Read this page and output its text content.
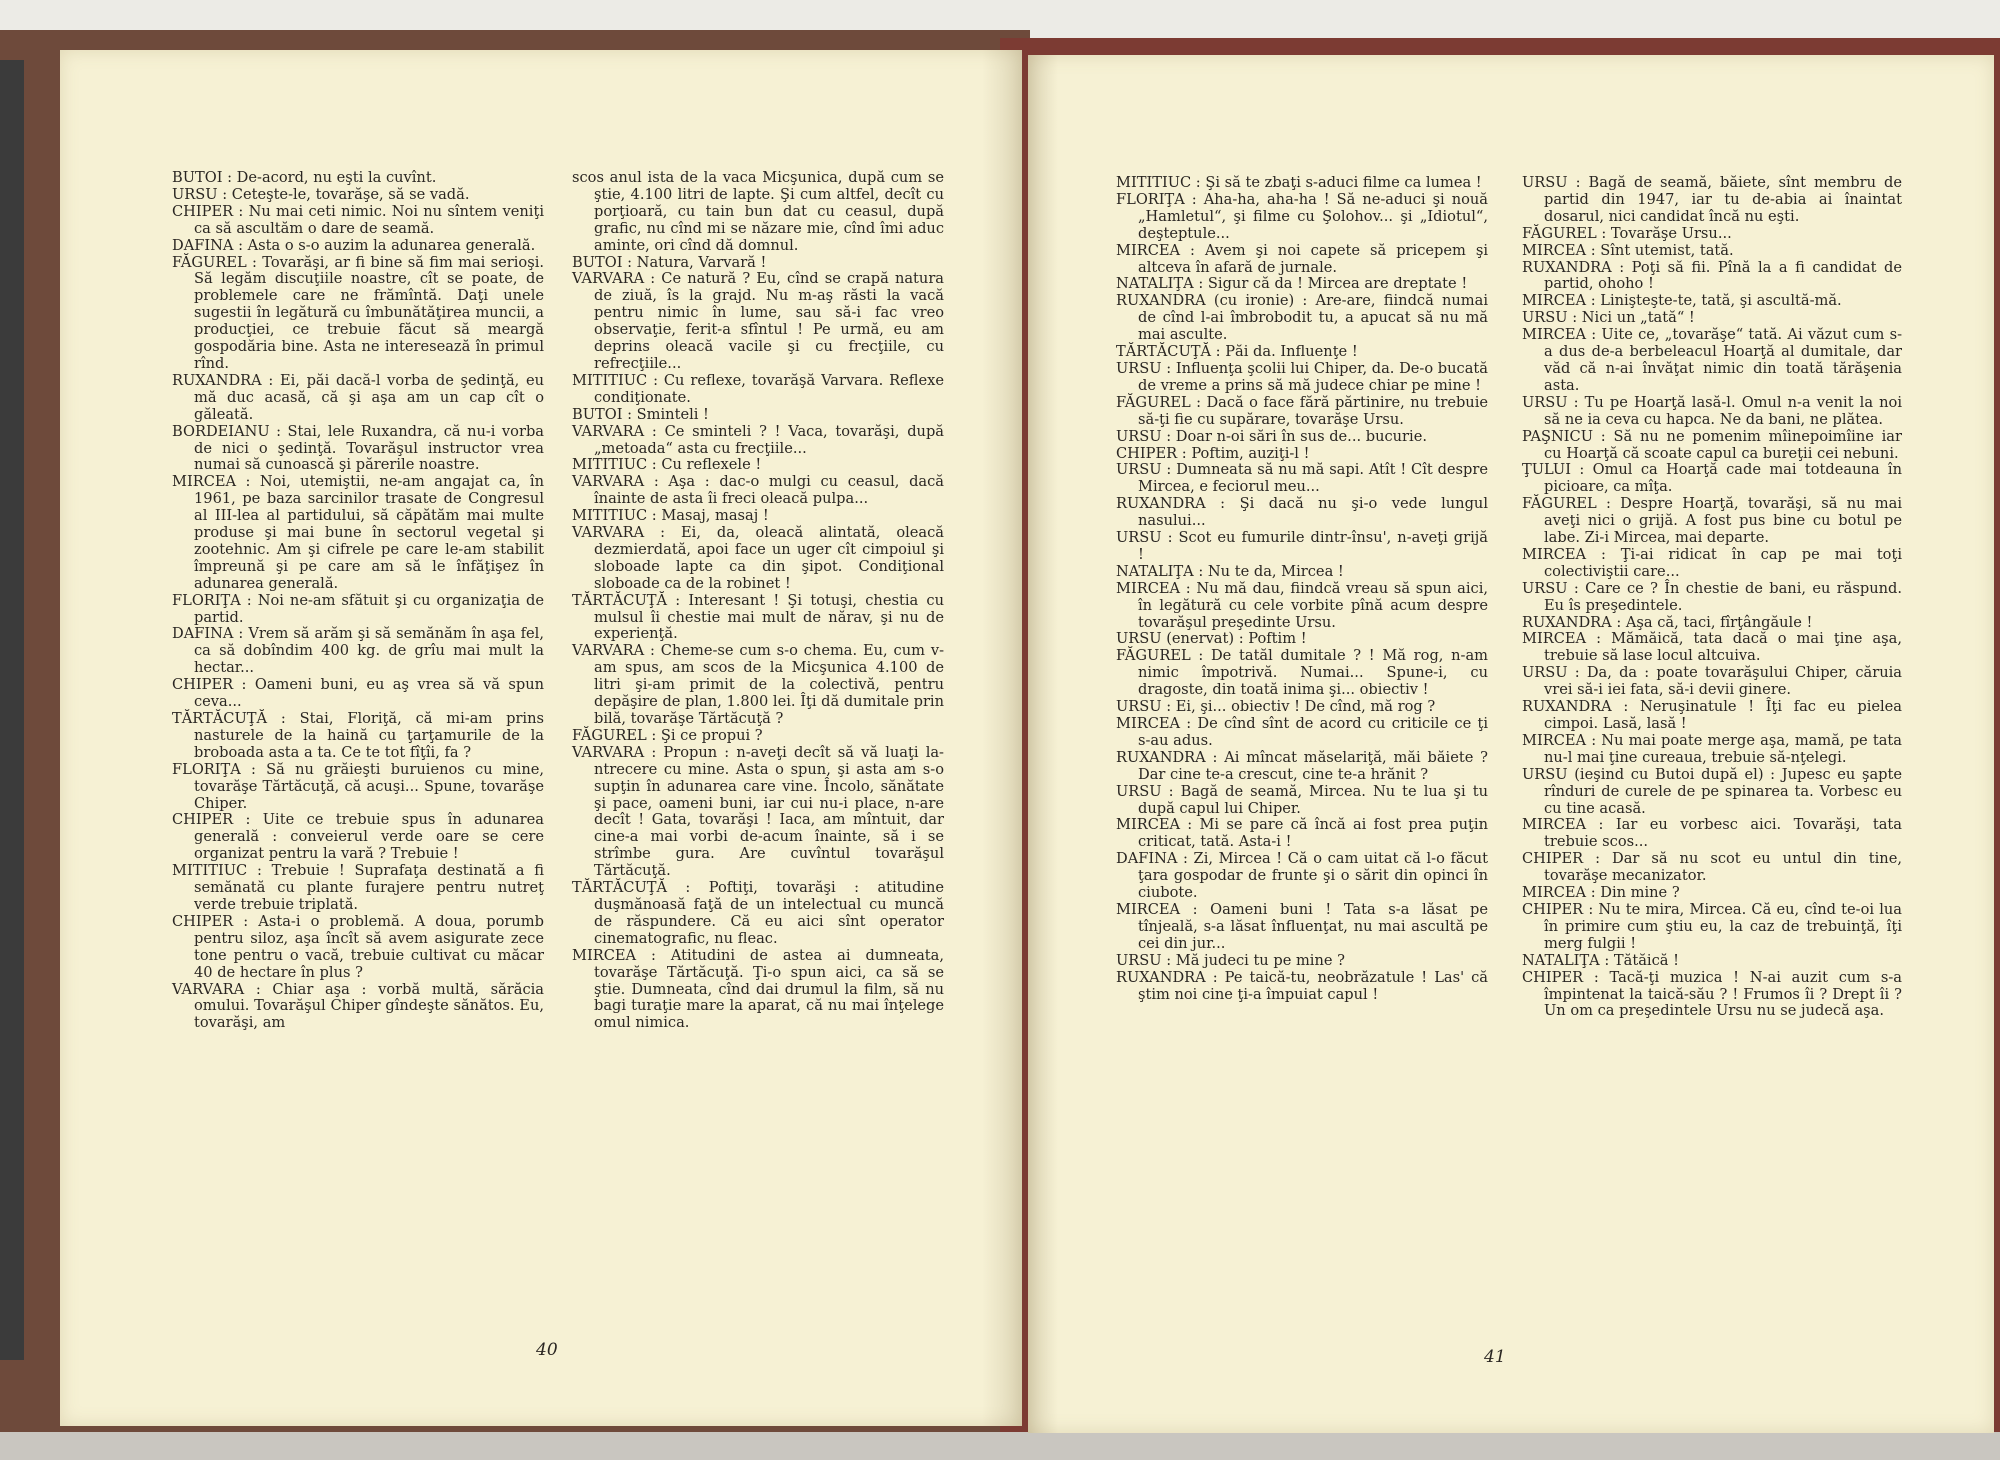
BUTOI : De-acord, nu eşti la cuvînt.
URSU : Ceteşte-le, tovarăşe, să se vadă.
CHIPER : Nu mai ceti nimic. Noi nu sîntem veniţi ca să ascultăm o dare de seamă.
DAFINA : Asta o s-o auzim la adunarea generală.
FĂGUREL : Tovarăşi, ar fi bine să fim mai serioşi. Să legăm discuţiile noastre, cît se poate, de problemele care ne frămîntă. Daţi unele sugestii în legătură cu îmbunătăţirea muncii, a producţiei, ce trebuie făcut să meargă gospodăria bine. Asta ne interesează în primul rînd.
RUXANDRA : Ei, păi dacă-l vorba de şedinţă, eu mă duc acasă, că şi aşa am un cap cît o găleată.
BORDEIANU : Stai, lele Ruxandra, că nu-i vorba de nici o şedinţă. Tovarăşul instructor vrea numai să cunoască şi părerile noastre.
MIRCEA : Noi, utemiştii, ne-am angajat ca, în 1961, pe baza sarcinilor trasate de Congresul al III-lea al partidului, să căpătăm mai multe produse şi mai bune în sectorul vegetal şi zootehnic. Am şi cifrele pe care le-am stabilit împreună şi pe care am să le înfăţişez în adunarea generală.
FLORIŢA : Noi ne-am sfătuit şi cu organizaţia de partid.
DAFINA : Vrem să arăm şi să semănăm în aşa fel, ca să dobîndim 400 kg. de grîu mai mult la hectar...
CHIPER : Oameni buni, eu aş vrea să vă spun ceva...
TĂRTĂCUŢĂ : Stai, Floriţă, că mi-am prins nasturele de la haină cu ţarţamurile de la broboada asta a ta. Ce te tot fîţîi, fa ?
FLORIŢA : Să nu grăieşti buruienos cu mine, tovarăşe Tărtăcuţă, că acuşi... Spune, tovarăşe Chiper.
CHIPER : Uite ce trebuie spus în adunarea generală : conveierul verde oare se cere organizat pentru la vară ? Trebuie !
MITITIUC : Trebuie ! Suprafaţa destinată a fi semănată cu plante furajere pentru nutreţ verde trebuie triplată.
CHIPER : Asta-i o problemă. A doua, porumb pentru siloz, aşa încît să avem asigurate zece tone pentru o vacă, trebuie cultivat cu măcar 40 de hectare în plus ?
VARVARA : Chiar aşa : vorbă multă, sărăcia omului. Tovarăşul Chiper gîndeşte sănătos. Eu, tovarăşi, am
scos anul ista de la vaca Micşunica, după cum se ştie, 4.100 litri de lapte. Şi cum altfel, decît cu porţioară, cu tain bun dat cu ceasul, după grafic, nu cînd mi se năzare mie, cînd îmi aduc aminte, ori cînd dă domnul.
BUTOI : Natura, Varvară !
VARVARA : Ce natură ? Eu, cînd se crapă natura de ziuă, îs la grajd. Nu m-aş răsti la vacă pentru nimic în lume, sau să-i fac vreo observaţie, ferit-a sfîntul ! Pe urmă, eu am deprins oleacă vacile şi cu frecţiile, cu refrecţiile...
MITITIUC : Cu reflexe, tovarăşă Varvara. Reflexe condiţionate.
BUTOI : Sminteli !
VARVARA : Ce sminteli ? ! Vaca, tovarăşi, după „metoada“ asta cu frecţiile...
MITITIUC : Cu reflexele !
VARVARA : Aşa : dac-o mulgi cu ceasul, dacă înainte de asta îi freci oleacă pulpa...
MITITIUC : Masaj, masaj !
VARVARA : Ei, da, oleacă alintată, oleacă dezmierdată, apoi face un uger cît cimpoiul şi sloboade lapte ca din şipot. Condiţional sloboade ca de la robinet !
TĂRTĂCUŢĂ : Interesant ! Şi totuşi, chestia cu mulsul îi chestie mai mult de nărav, şi nu de experienţă.
VARVARA : Cheme-se cum s-o chema. Eu, cum v-am spus, am scos de la Micşunica 4.100 de litri şi-am primit de la colectivă, pentru depăşire de plan, 1.800 lei. Îţi dă dumitale prin bilă, tovarăşe Tărtăcuţă ?
FĂGUREL : Şi ce propui ?
VARVARA : Propun : n-aveţi decît să vă luaţi la-ntrecere cu mine. Asta o spun, şi asta am s-o supţin în adunarea care vine. Încolo, sănătate şi pace, oameni buni, iar cui nu-i place, n-are decît ! Gata, tovarăşi ! Iaca, am mîntuit, dar cine-a mai vorbi de-acum înainte, să i se strîmbe gura. Are cuvîntul tovarăşul Tărtăcuţă.
TĂRTĂCUŢĂ : Poftiţi, tovarăşi : atitudine duşmănoasă faţă de un intelectual cu muncă de răspundere. Că eu aici sînt operator cinematografic, nu fleac.
MIRCEA : Atitudini de astea ai dumneata, tovarăşe Tărtăcuţă. Ţi-o spun aici, ca să se ştie. Dumneata, cînd dai drumul la film, să nu bagi turaţie mare la aparat, că nu mai înţelege omul nimica.
40
MITITIUC : Şi să te zbaţi s-aduci filme ca lumea !
FLORIŢA : Aha-ha, aha-ha ! Să ne-aduci şi nouă „Hamletul“, şi filme cu Şolohov... şi „Idiotul“, deşteptule...
MIRCEA : Avem şi noi capete să pricepem şi altceva în afară de jurnale.
NATALIŢA : Sigur că da ! Mircea are dreptate !
RUXANDRA (cu ironie) : Are-are, fiindcă numai de cînd l-ai îmbrobodit tu, a apucat să nu mă mai asculte.
TĂRTĂCUŢĂ : Păi da. Influenţe !
URSU : Influenţa şcolii lui Chiper, da. De-o bucată de vreme a prins să mă judece chiar pe mine !
FĂGUREL : Dacă o face fără părtinire, nu trebuie să-ţi fie cu supărare, tovarăşe Ursu.
URSU : Doar n-oi sări în sus de... bucurie.
CHIPER : Poftim, auziţi-l !
URSU : Dumneata să nu mă sapi. Atît ! Cît despre Mircea, e feciorul meu...
RUXANDRA : Şi dacă nu şi-o vede lungul nasului...
URSU : Scot eu fumurile dintr-însu', n-aveţi grijă !
NATALIŢA : Nu te da, Mircea !
MIRCEA : Nu mă dau, fiindcă vreau să spun aici, în legătură cu cele vorbite pînă acum despre tovarăşul preşedinte Ursu.
URSU (enervat) : Poftim !
FĂGUREL : De tatăl dumitale ? ! Mă rog, n-am nimic împotrivă. Numai... Spune-i, cu dragoste, din toată inima şi... obiectiv !
URSU : Ei, şi... obiectiv ! De cînd, mă rog ?
MIRCEA : De cînd sînt de acord cu criticile ce ţi s-au adus.
RUXANDRA : Ai mîncat măselariţă, măi băiete ? Dar cine te-a crescut, cine te-a hrănit ?
URSU : Bagă de seamă, Mircea. Nu te lua şi tu după capul lui Chiper.
MIRCEA : Mi se pare că încă ai fost prea puţin criticat, tată. Asta-i !
DAFINA : Zi, Mircea ! Că o cam uitat că l-o făcut ţara gospodar de frunte şi o sărit din opinci în ciubote.
MIRCEA : Oameni buni ! Tata s-a lăsat pe tînjeală, s-a lăsat înfluenţat, nu mai ascultă pe cei din jur...
URSU : Mă judeci tu pe mine ?
RUXANDRA : Pe taică-tu, neobrăzatule ! Las' că ştim noi cine ţi-a împuiat capul !
URSU : Bagă de seamă, băiete, sînt membru de partid din 1947, iar tu de-abia ai înaintat dosarul, nici candidat încă nu eşti.
FĂGUREL : Tovarăşe Ursu...
MIRCEA : Sînt utemist, tată.
RUXANDRA : Poţi să fii. Pînă la a fi candidat de partid, ohoho !
MIRCEA : Linişteşte-te, tată, şi ascultă-mă.
URSU : Nici un „tată“ !
MIRCEA : Uite ce, „tovarăşe“ tată. Ai văzut cum s-a dus de-a berbeleacul Hoarţă al dumitale, dar văd că n-ai învăţat nimic din toată tărăşenia asta.
URSU : Tu pe Hoarţă lasă-l. Omul n-a venit la noi să ne ia ceva cu hapca. Ne da bani, ne plătea.
PAŞNICU : Să nu ne pomenim mîinepoimîine iar cu Hoarţă că scoate capul ca bureţii cei nebuni.
ŢULUI : Omul ca Hoarţă cade mai totdeauna în picioare, ca mîţa.
FĂGUREL : Despre Hoarţă, tovarăşi, să nu mai aveţi nici o grijă. A fost pus bine cu botul pe labe. Zi-i Mircea, mai departe.
MIRCEA : Ţi-ai ridicat în cap pe mai toţi colectiviştii care...
URSU : Care ce ? În chestie de bani, eu răspund. Eu îs preşedintele.
RUXANDRA : Aşa că, taci, fîrţângăule !
MIRCEA : Mămăică, tata dacă o mai ţine aşa, trebuie să lase locul altcuiva.
URSU : Da, da : poate tovarăşului Chiper, căruia vrei să-i iei fata, să-i devii ginere.
RUXANDRA : Neruşinatule ! Îţi fac eu pielea cimpoi. Lasă, lasă !
MIRCEA : Nu mai poate merge aşa, mamă, pe tata nu-l mai ţine cureaua, trebuie să-nţelegi.
URSU (ieşind cu Butoi după el) : Jupesc eu şapte rînduri de curele de pe spinarea ta. Vorbesc eu cu tine acasă.
MIRCEA : Iar eu vorbesc aici. Tovarăşi, tata trebuie scos...
CHIPER : Dar să nu scot eu untul din tine, tovarăşe mecanizator.
MIRCEA : Din mine ?
CHIPER : Nu te mira, Mircea. Că eu, cînd te-oi lua în primire cum ştiu eu, la caz de trebuinţă, îţi merg fulgii !
NATALIŢA : Tătăică !
CHIPER : Tacă-ţi muzica ! N-ai auzit cum s-a împintenat la taică-său ? ! Frumos îi ? Drept îi ? Un om ca preşedintele Ursu nu se judecă aşa.
41
